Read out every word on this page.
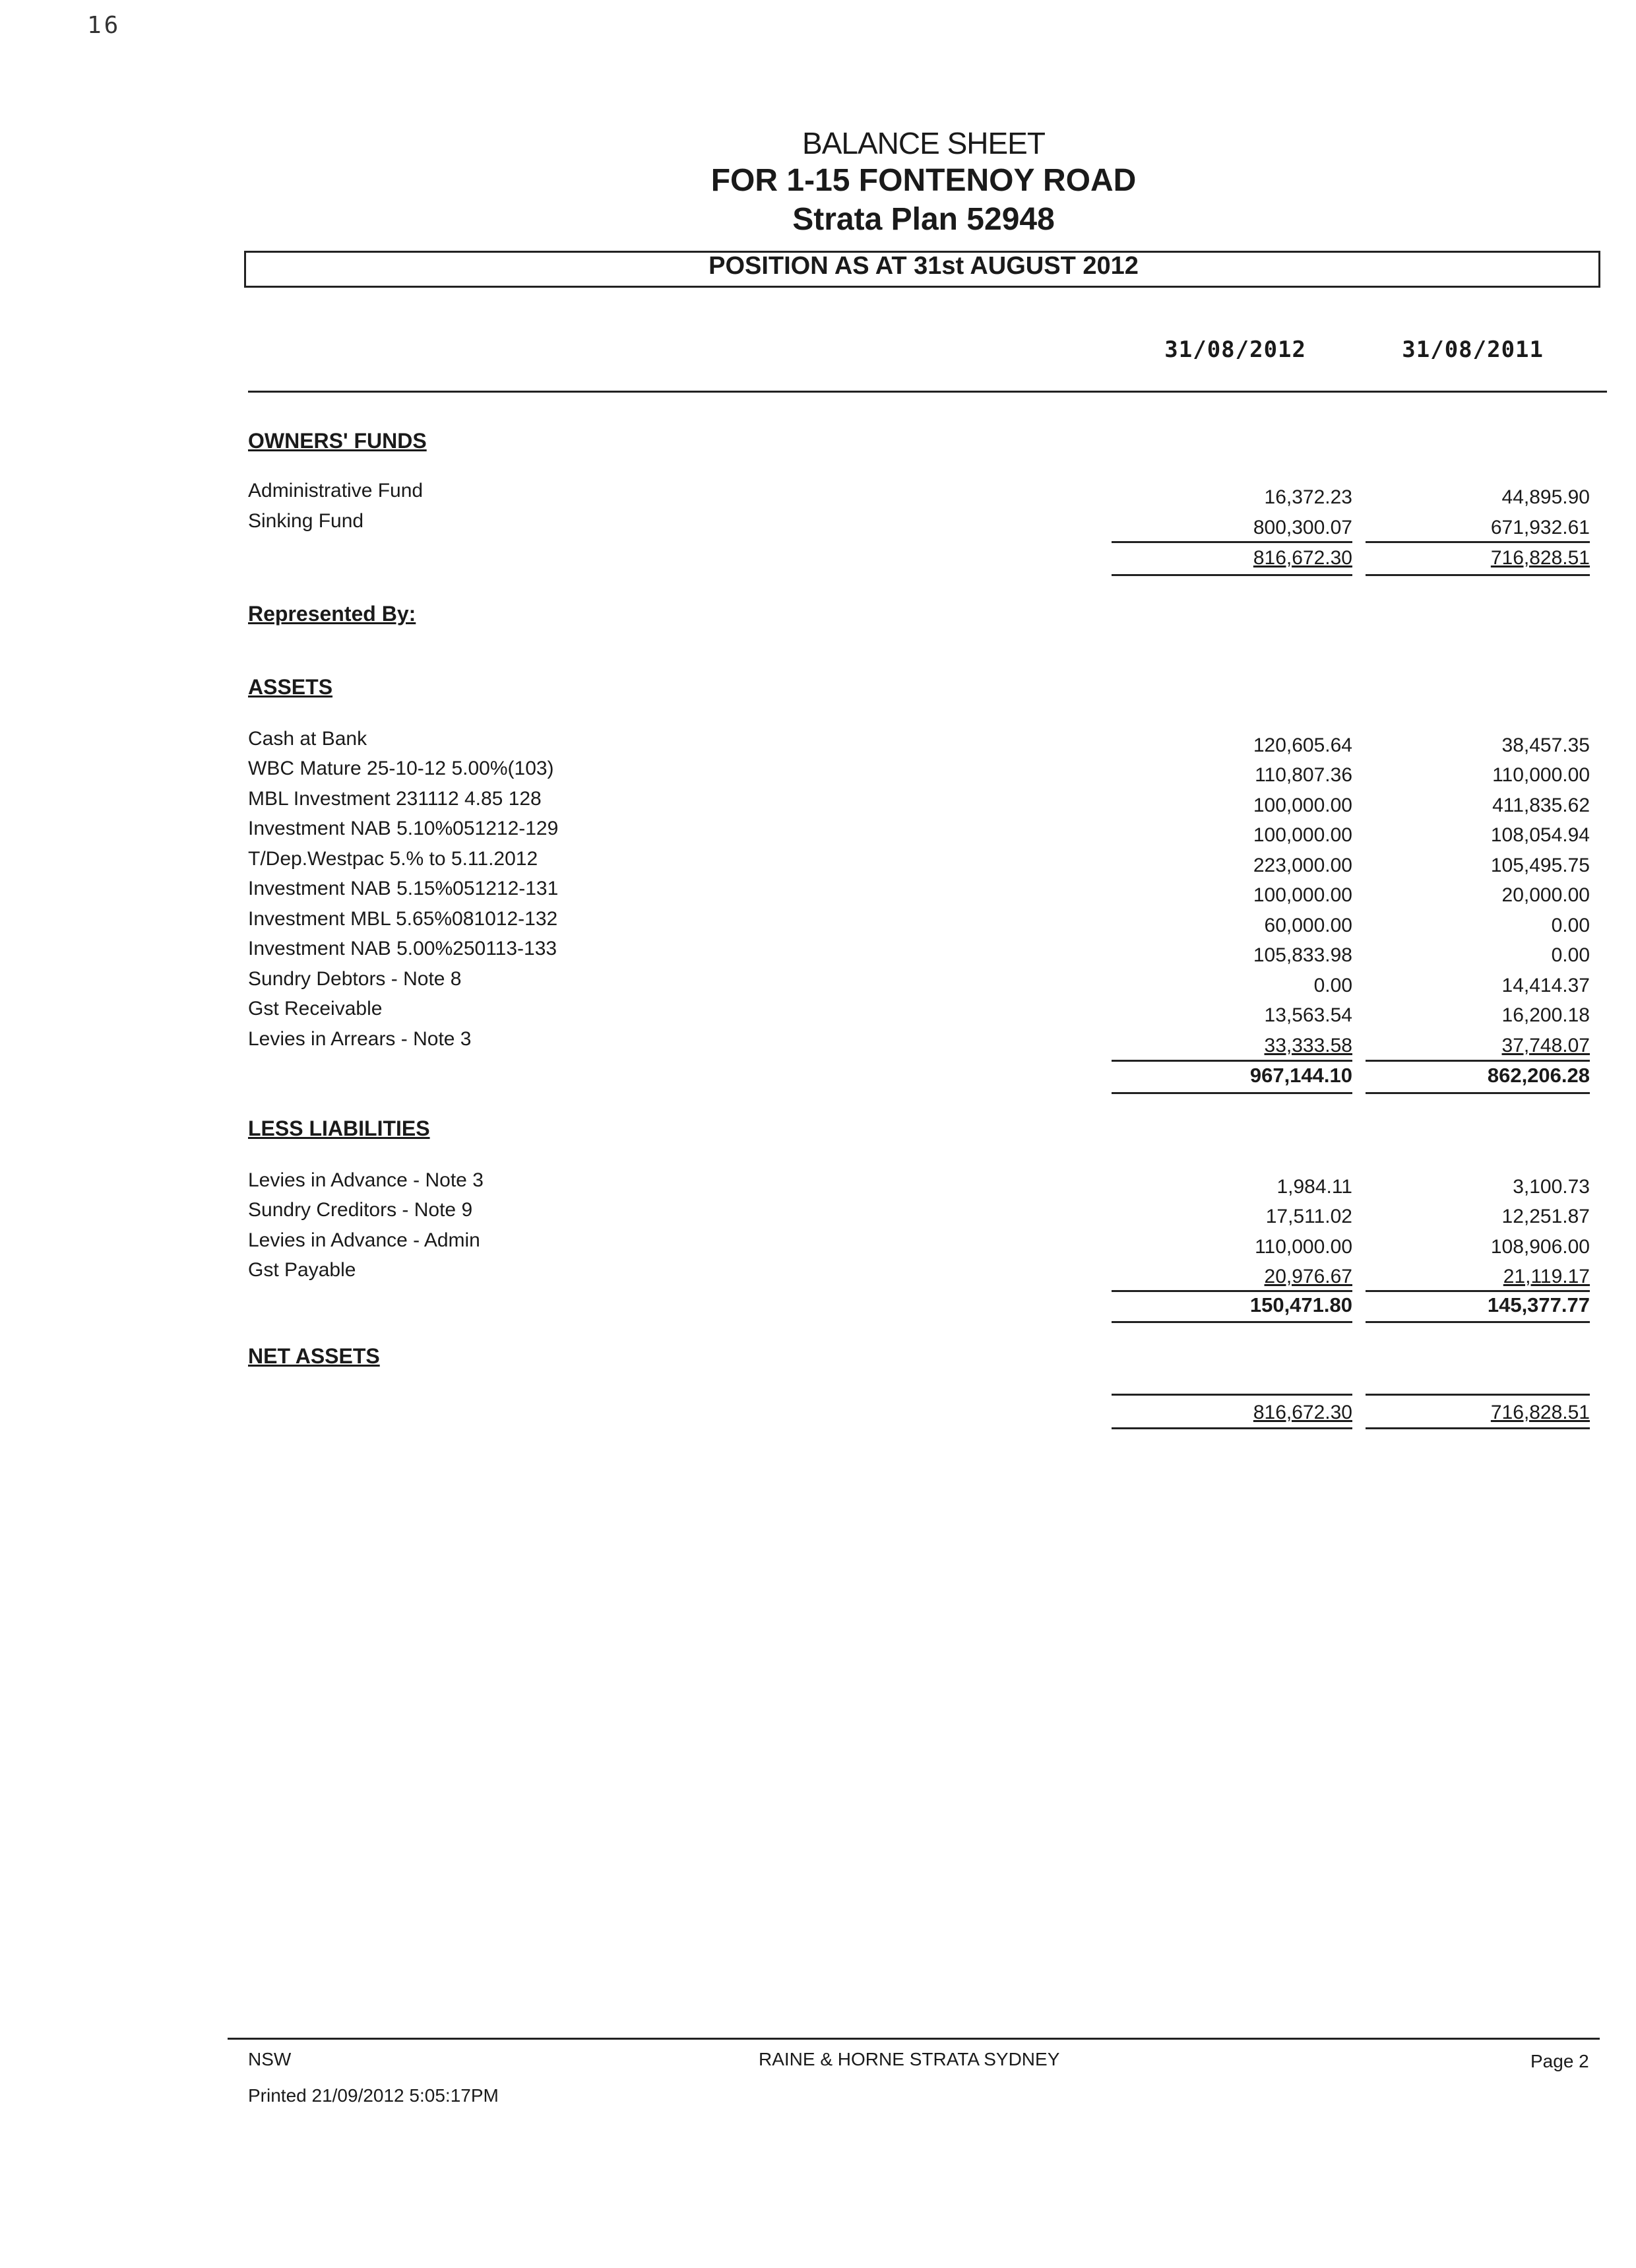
16
BALANCE SHEET
FOR 1-15 FONTENOY ROAD
Strata Plan 52948
POSITION AS AT 31st AUGUST 2012
31/08/2012	31/08/2011
OWNERS' FUNDS
Administrative Fund	16,372.23	44,895.90
Sinking Fund	800,300.07	671,932.61
816,672.30	716,828.51
Represented By:
ASSETS
Cash at Bank	120,605.64	38,457.35
WBC Mature 25-10-12 5.00%(103)	110,807.36	110,000.00
MBL Investment 231112 4.85 128	100,000.00	411,835.62
Investment NAB 5.10%051212-129	100,000.00	108,054.94
T/Dep.Westpac 5.% to 5.11.2012	223,000.00	105,495.75
Investment NAB 5.15%051212-131	100,000.00	20,000.00
Investment MBL 5.65%081012-132	60,000.00	0.00
Investment NAB 5.00%250113-133	105,833.98	0.00
Sundry Debtors - Note 8	0.00	14,414.37
Gst Receivable	13,563.54	16,200.18
Levies in Arrears - Note 3	33,333.58	37,748.07
967,144.10	862,206.28
LESS LIABILITIES
Levies in Advance - Note 3	1,984.11	3,100.73
Sundry Creditors - Note 9	17,511.02	12,251.87
Levies in Advance - Admin	110,000.00	108,906.00
Gst Payable	20,976.67	21,119.17
150,471.80	145,377.77
NET ASSETS
816,672.30	716,828.51
NSW
Printed 21/09/2012 5:05:17PM
RAINE & HORNE STRATA SYDNEY	Page 2
